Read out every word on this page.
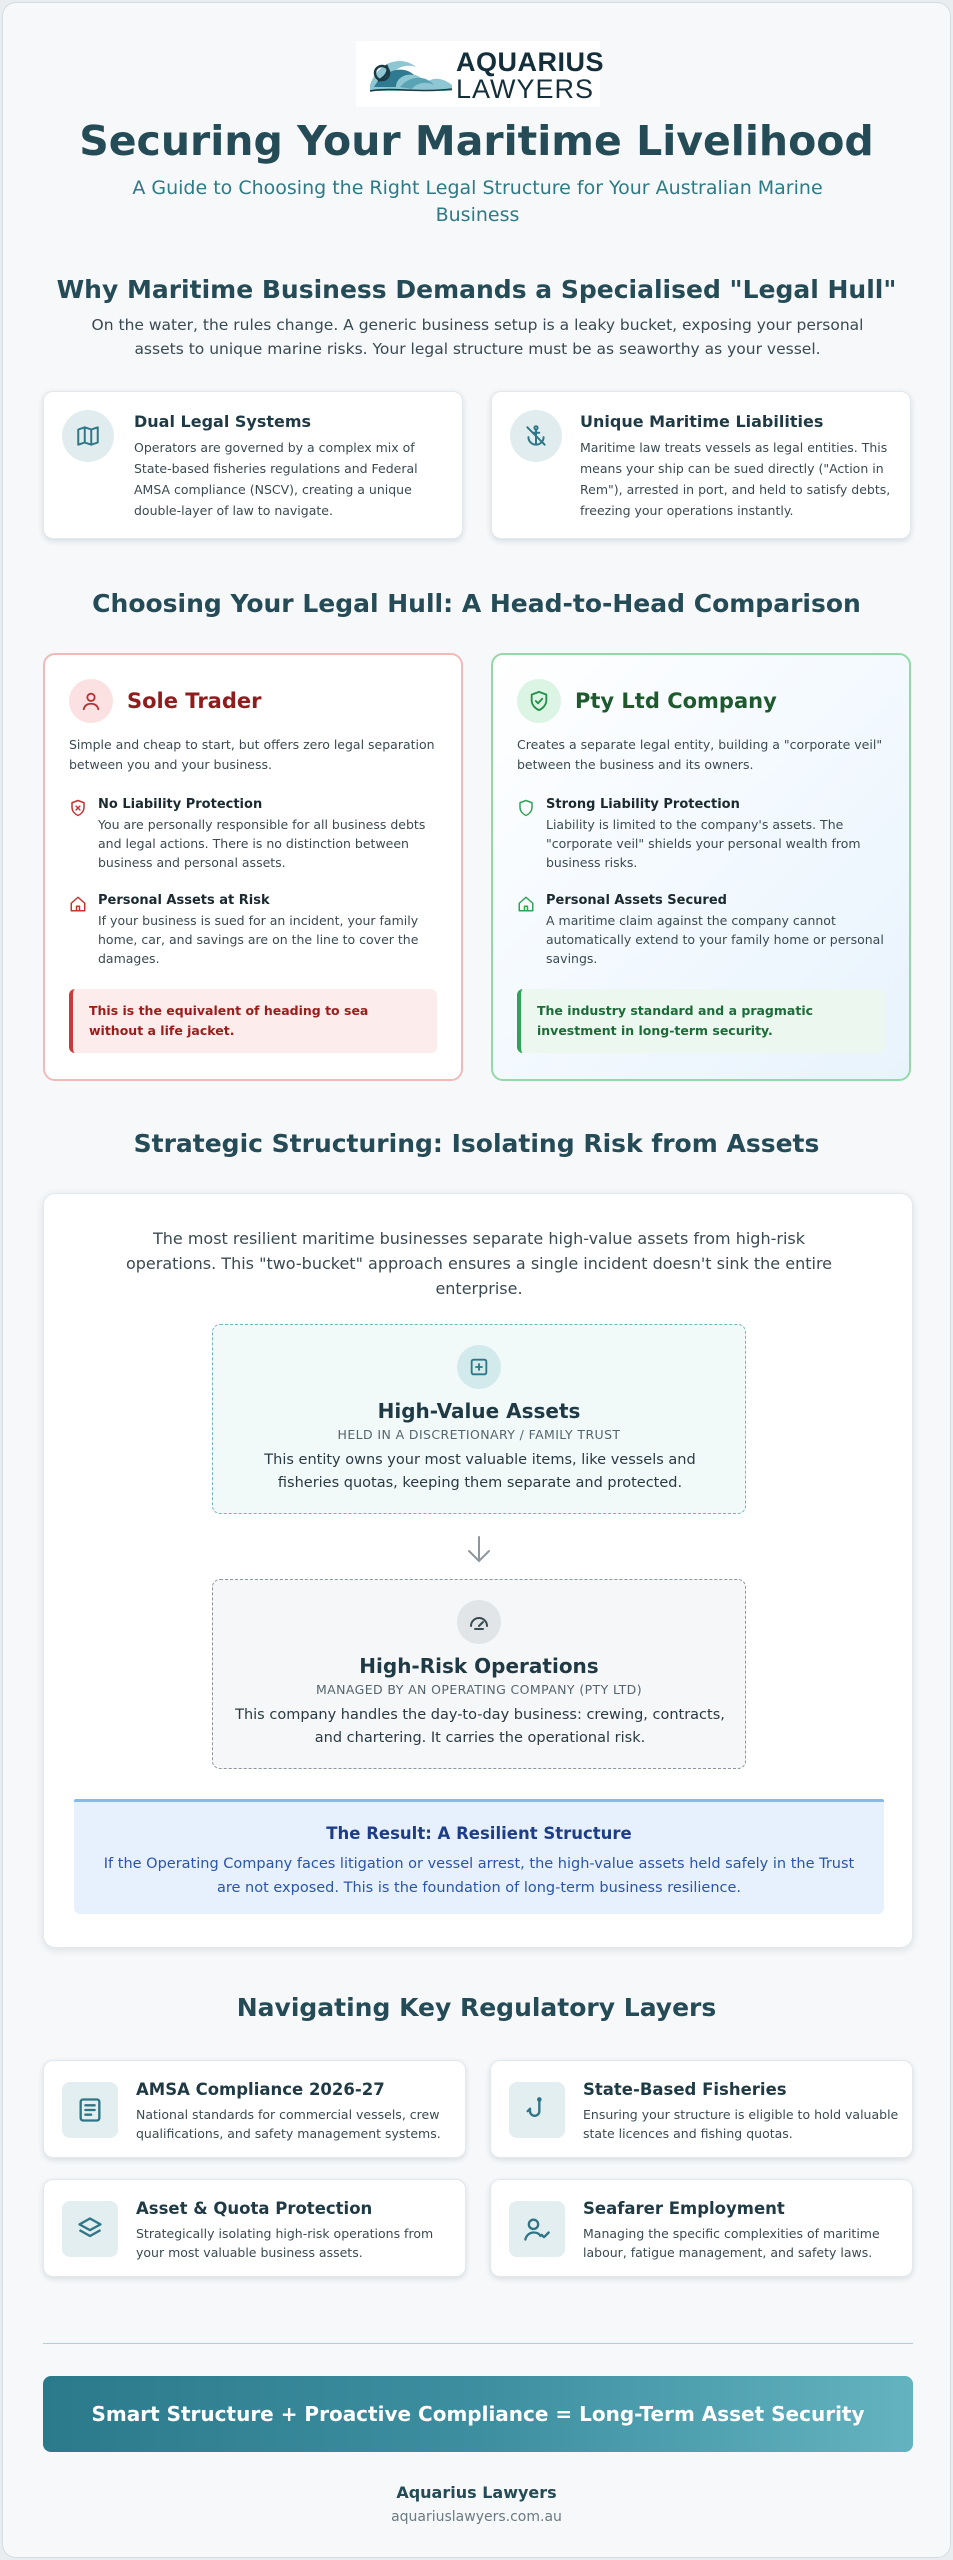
AQUARIUS
LAWYERS
Securing Your Maritime Livelihood
A Guide to Choosing the Right Legal Structure for Your Australian Marine Business
Why Maritime Business Demands a Specialised "Legal Hull"
On the water, the rules change. A generic business setup is a leaky bucket, exposing your personal assets to unique marine risks. Your legal structure must be as seaworthy as your vessel.
Dual Legal Systems
Operators are governed by a complex mix of State-based fisheries regulations and Federal AMSA compliance (NSCV), creating a unique double-layer of law to navigate.
Unique Maritime Liabilities
Maritime law treats vessels as legal entities. This means your ship can be sued directly ("Action in Rem"), arrested in port, and held to satisfy debts, freezing your operations instantly.
Choosing Your Legal Hull: A Head-to-Head Comparison
Sole Trader
Simple and cheap to start, but offers zero legal separation between you and your business.
No Liability Protection
You are personally responsible for all business debts and legal actions. There is no distinction between business and personal assets.
Personal Assets at Risk
If your business is sued for an incident, your family home, car, and savings are on the line to cover the damages.
This is the equivalent of heading to sea without a life jacket.
Pty Ltd Company
Creates a separate legal entity, building a "corporate veil" between the business and its owners.
Strong Liability Protection
Liability is limited to the company's assets. The "corporate veil" shields your personal wealth from business risks.
Personal Assets Secured
A maritime claim against the company cannot automatically extend to your family home or personal savings.
The industry standard and a pragmatic investment in long-term security.
Strategic Structuring: Isolating Risk from Assets
The most resilient maritime businesses separate high-value assets from high-risk operations. This "two-bucket" approach ensures a single incident doesn't sink the entire enterprise.
High-Value Assets
HELD IN A DISCRETIONARY / FAMILY TRUST
This entity owns your most valuable items, like vessels and fisheries quotas, keeping them separate and protected.
High-Risk Operations
MANAGED BY AN OPERATING COMPANY (PTY LTD)
This company handles the day-to-day business: crewing, contracts, and chartering. It carries the operational risk.
The Result: A Resilient Structure
If the Operating Company faces litigation or vessel arrest, the high-value assets held safely in the Trust are not exposed. This is the foundation of long-term business resilience.
Navigating Key Regulatory Layers
AMSA Compliance 2026-27
National standards for commercial vessels, crew qualifications, and safety management systems.
State-Based Fisheries
Ensuring your structure is eligible to hold valuable state licences and fishing quotas.
Asset & Quota Protection
Strategically isolating high-risk operations from your most valuable business assets.
Seafarer Employment
Managing the specific complexities of maritime labour, fatigue management, and safety laws.
Smart Structure + Proactive Compliance = Long-Term Asset Security
Aquarius Lawyers
aquariuslawyers.com.au
